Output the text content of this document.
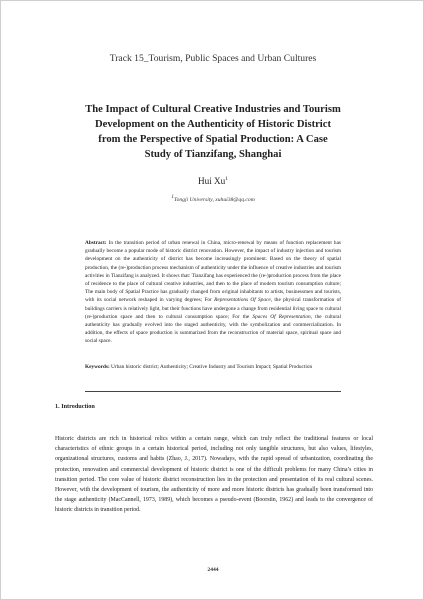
Track 15_Tourism, Public Spaces and Urban Cultures
The Impact of Cultural Creative Industries and Tourism Development on the Authenticity of Historic District from the Perspective of Spatial Production: A Case Study of Tianzifang, Shanghai
Hui Xu$^1$
$^1$Tongji University, xuhui38@qq.com
Abstract: In the transition period of urban renewal in China, micro-renewal by means of function replacement has gradually become a popular mode of historic district renovation. However, the impact of industry injection and tourism development on the authenticity of district has become increasingly prominent. Based on the theory of spatial production, the (re-)production process mechanism of authenticity under the influence of creative industries and tourism activities in Tianzifang is analyzed. It shows that: Tianzifang has experienced the (re-)production process from the place of residence to the place of cultural creative industries, and then to the place of modern tourism consumption culture; The main body of Spatial Practice has gradually changed from original inhabitants to artists, businessmen and tourists, with its social network reshaped in varying degrees; For Representations Of Space, the physical transformation of buildings carriers is relatively light, but their functions have undergone a change from residential living space to cultural (re-)production space and then to cultural consumption space; For the Spaces Of Representation, the cultural authenticity has gradually evolved into the staged authenticity, with the symbolization and commercialization. In addition, the effects of space production is summarized from the reconstruction of material space, spiritual space and social space.
Keywords: Urban historic district; Authenticity; Creative Industry and Tourism Impact; Spatial Production
1. Introduction
Historic districts are rich in historical relics within a certain range, which can truly reflect the traditional features or local characteristics of ethnic groups in a certain historical period, including not only tangible structures, but also values, lifestyles, organizational structures, customs and habits (Zhao, J., 2017). Nowadays, with the rapid spread of urbanization, coordinating the protection, renovation and commercial development of historic district is one of the difficult problems for many China’s cities in transition period. The core value of historic district reconstruction lies in the protection and presentation of its real cultural scenes. However, with the development of tourism, the authenticity of more and more historic districts has gradually been transformed into the stage authenticity (MacCannell, 1973, 1989), which becomes a pseudo-event (Boorstin, 1962) and leads to the convergence of historic districts in transition period.
2444
